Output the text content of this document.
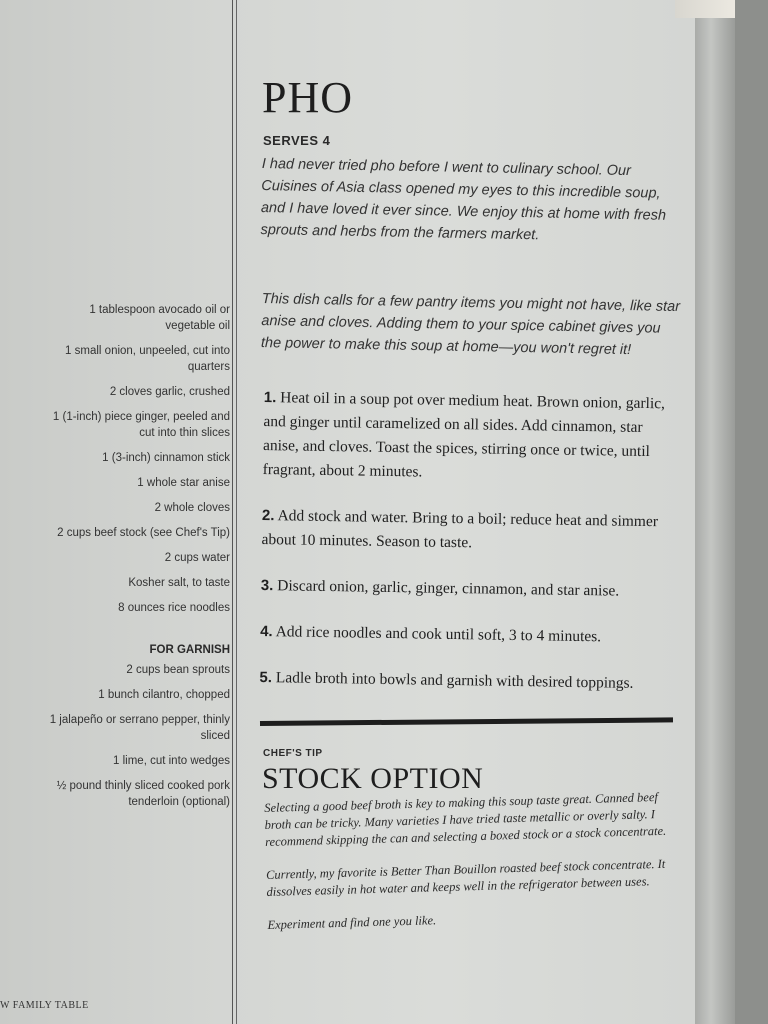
PHO
SERVES 4

I had never tried pho before I went to culinary school. Our Cuisines of Asia class opened my eyes to this incredible soup, and I have loved it ever since. We enjoy this at home with fresh sprouts and herbs from the farmers market.

This dish calls for a few pantry items you might not have, like star anise and cloves. Adding them to your spice cabinet gives you the power to make this soup at home—you won't regret it!

1 tablespoon avocado oil or vegetable oil
1 small onion, unpeeled, cut into quarters
2 cloves garlic, crushed
1 (1-inch) piece ginger, peeled and cut into thin slices
1 (3-inch) cinnamon stick
1 whole star anise
2 whole cloves
2 cups beef stock (see Chef's Tip)
2 cups water
Kosher salt, to taste
8 ounces rice noodles
FOR GARNISH
2 cups bean sprouts
1 bunch cilantro, chopped
1 jalapeño or serrano pepper, thinly sliced
1 lime, cut into wedges
½ pound thinly sliced cooked pork tenderloin (optional)

1. Heat oil in a soup pot over medium heat. Brown onion, garlic, and ginger until caramelized on all sides. Add cinnamon, star anise, and cloves. Toast the spices, stirring once or twice, until fragrant, about 2 minutes.

2. Add stock and water. Bring to a boil; reduce heat and simmer about 10 minutes. Season to taste.

3. Discard onion, garlic, ginger, cinnamon, and star anise.

4. Add rice noodles and cook until soft, 3 to 4 minutes.

5. Ladle broth into bowls and garnish with desired toppings.

CHEF'S TIP
STOCK OPTION

Selecting a good beef broth is key to making this soup taste great. Canned beef broth can be tricky. Many varieties I have tried taste metallic or overly salty. I recommend skipping the can and selecting a boxed stock or a stock concentrate.

Currently, my favorite is Better Than Bouillon roasted beef stock concentrate. It dissolves easily in hot water and keeps well in the refrigerator between uses.

Experiment and find one you like.

W FAMILY TABLE
